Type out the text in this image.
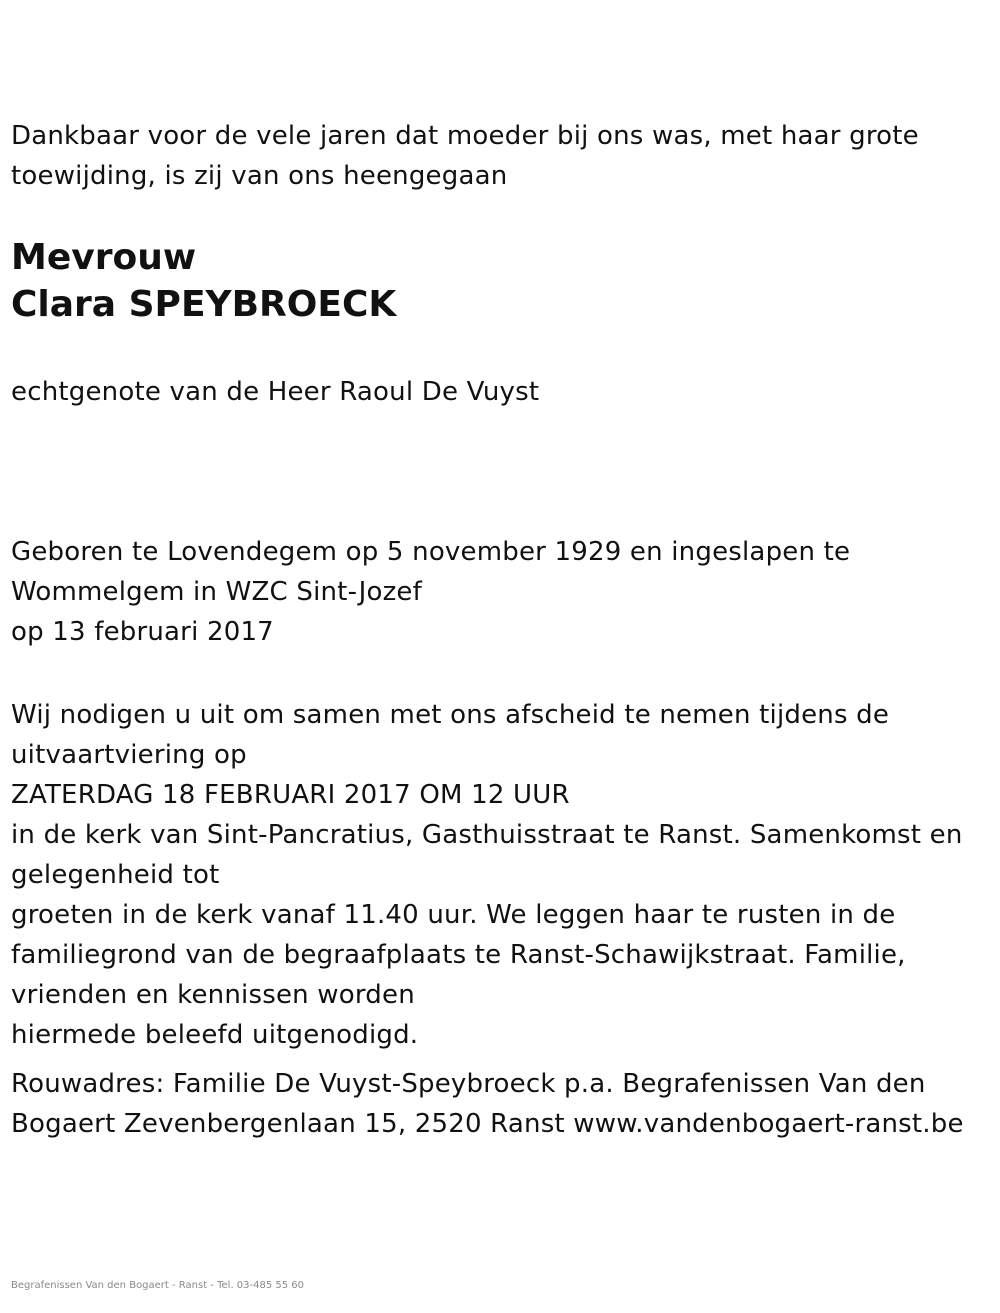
Dankbaar voor de vele jaren dat moeder bij ons was, met haar grote
toewijding, is zij van ons heengegaan
Mevrouw
Clara SPEYBROECK
echtgenote van de Heer Raoul De Vuyst
Geboren te Lovendegem op 5 november 1929 en ingeslapen te
Wommelgem in WZC Sint-Jozef
op 13 februari 2017
Wij nodigen u uit om samen met ons afscheid te nemen tijdens de
uitvaartviering op
ZATERDAG 18 FEBRUARI 2017 OM 12 UUR
in de kerk van Sint-Pancratius, Gasthuisstraat te Ranst. Samenkomst en
gelegenheid tot
groeten in de kerk vanaf 11.40 uur. We leggen haar te rusten in de
familiegrond van de begraafplaats te Ranst-Schawijkstraat. Familie,
vrienden en kennissen worden
hiermede beleefd uitgenodigd.
Rouwadres: Familie De Vuyst-Speybroeck p.a. Begrafenissen Van den
Bogaert Zevenbergenlaan 15, 2520 Ranst www.vandenbogaert-ranst.be
Begrafenissen Van den Bogaert - Ranst - Tel. 03-485 55 60
